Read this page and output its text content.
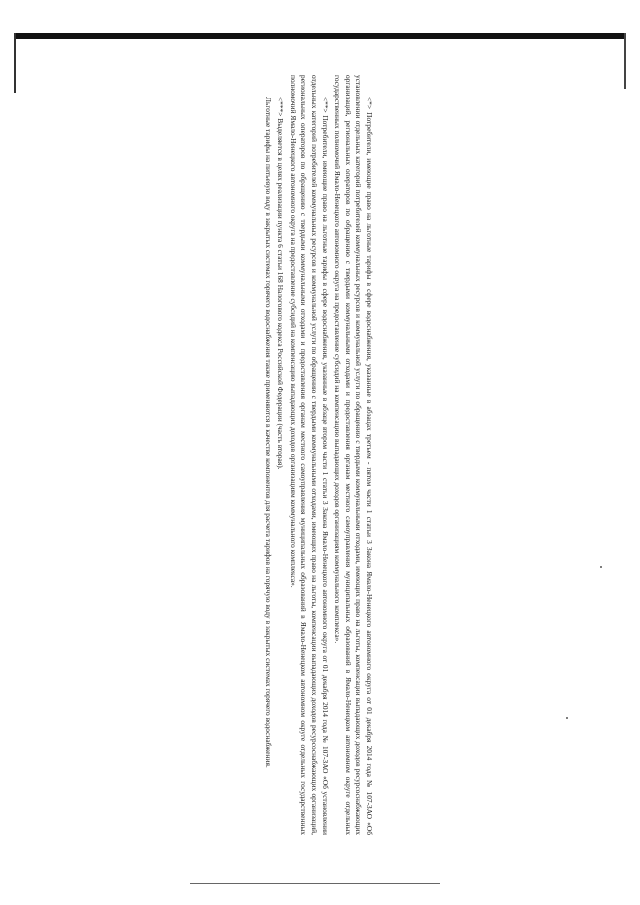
<*> Потребители, имеющие право на льготные тарифы в сфере водоснабжения, указанные в абзацах третьем - пятом части 1 статьи 3 Закона Ямало-Ненецкого автономного округа от 01 декабря 2014 года № 107-ЗАО «Об установлении отдельных категорий потребителей коммунальных ресурсов и коммунальной услуги по обращению с твердыми коммунальными отходами, имеющих право на льготы, компенсации выпадающих доходов ресурсоснабжающих организаций, региональных операторов по обращению с твердыми коммунальными отходами и предоставления органам местного самоуправления муниципальных образований в Ямало-Ненецком автономном округе отдельных государственных полномочий Ямало-Ненецкого автономного округа на предоставление субсидий на компенсацию выпадающих доходов организациям коммунального комплекса».

<**> Потребители, имеющие право на льготные тарифы в сфере водоснабжения, указанные в абзаце втором части 1 статьи 3 Закона Ямало-Ненецкого автономного округа от 01 декабря 2014 года № 107-ЗАО «Об установлении отдельных категорий потребителей коммунальных ресурсов и коммунальной услуги по обращению с твердыми коммунальными отходами, имеющих право на льготы, компенсации выпадающих доходов ресурсоснабжающих организаций, региональных операторов по обращению с твердыми коммунальными отходами и предоставления органам местного самоуправления муниципальных образований в Ямало-Ненецком автономном округе отдельных государственных полномочий Ямало-Ненецкого автономного округа на предоставление субсидий на компенсацию выпадающих доходов организациям коммунального комплекса».

<***> Выделяется в целях реализации пункта 6 статьи 168 Налогового кодекса Российской Федерации (часть вторая).

Льготные тарифы на питьевую воду в закрытых системах горячего водоснабжения также применяются в качестве компонентов для расчета тарифов на горячую воду в закрытых системах горячего водоснабжения.
